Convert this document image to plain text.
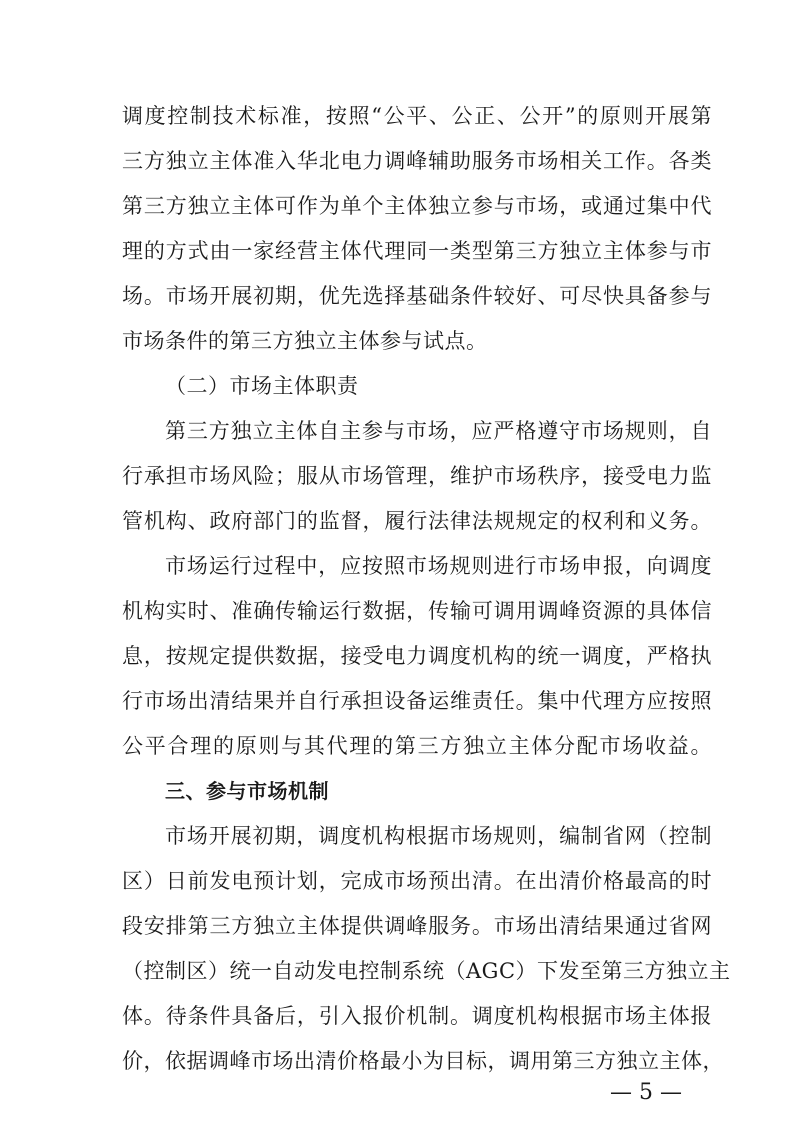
调度控制技术标准，按照“公平、公正、公开”的原则开展第
三方独立主体准入华北电力调峰辅助服务市场相关工作。各类
第三方独立主体可作为单个主体独立参与市场，或通过集中代
理的方式由一家经营主体代理同一类型第三方独立主体参与市
场。市场开展初期，优先选择基础条件较好、可尽快具备参与
市场条件的第三方独立主体参与试点。
（二）市场主体职责
第三方独立主体自主参与市场，应严格遵守市场规则，自
行承担市场风险；服从市场管理，维护市场秩序，接受电力监
管机构、政府部门的监督，履行法律法规规定的权利和义务。
市场运行过程中，应按照市场规则进行市场申报，向调度
机构实时、准确传输运行数据，传输可调用调峰资源的具体信
息，按规定提供数据，接受电力调度机构的统一调度，严格执
行市场出清结果并自行承担设备运维责任。集中代理方应按照
公平合理的原则与其代理的第三方独立主体分配市场收益。
三、参与市场机制
市场开展初期，调度机构根据市场规则，编制省网（控制
区）日前发电预计划，完成市场预出清。在出清价格最高的时
段安排第三方独立主体提供调峰服务。市场出清结果通过省网
（控制区）统一自动发电控制系统（AGC）下发至第三方独立主
体。待条件具备后，引入报价机制。调度机构根据市场主体报
价，依据调峰市场出清价格最小为目标，调用第三方独立主体，
— 5 —
